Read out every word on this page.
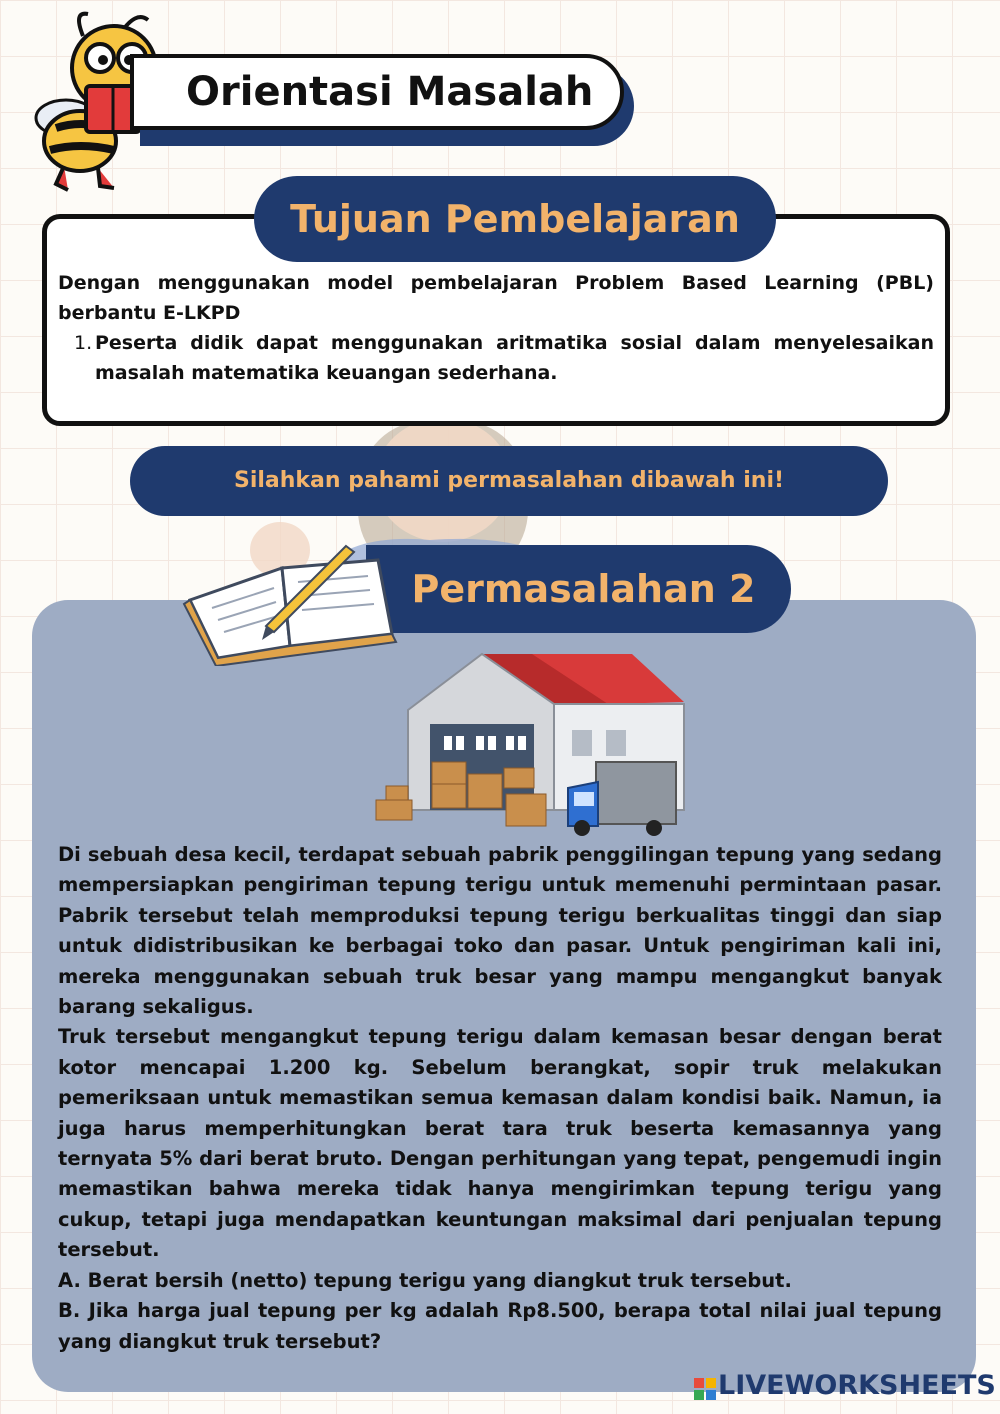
Orientasi Masalah
Tujuan Pembelajaran
Dengan menggunakan model pembelajaran Problem Based Learning (PBL) berbantu E-LKPD
1. Peserta didik dapat menggunakan aritmatika sosial dalam menyelesaikan masalah matematika keuangan sederhana.
Silahkan pahami permasalahan dibawah ini!
Permasalahan 2

Di sebuah desa kecil, terdapat sebuah pabrik penggilingan tepung yang sedang mempersiapkan pengiriman tepung terigu untuk memenuhi permintaan pasar. Pabrik tersebut telah memproduksi tepung terigu berkualitas tinggi dan siap untuk didistribusikan ke berbagai toko dan pasar. Untuk pengiriman kali ini, mereka menggunakan sebuah truk besar yang mampu mengangkut banyak barang sekaligus.

Truk tersebut mengangkut tepung terigu dalam kemasan besar dengan berat kotor mencapai 1.200 kg. Sebelum berangkat, sopir truk melakukan pemeriksaan untuk memastikan semua kemasan dalam kondisi baik. Namun, ia juga harus memperhitungkan berat tara truk beserta kemasannya yang ternyata 5% dari berat bruto. Dengan perhitungan yang tepat, pengemudi ingin memastikan bahwa mereka tidak hanya mengirimkan tepung terigu yang cukup, tetapi juga mendapatkan keuntungan maksimal dari penjualan tepung tersebut.

A. Berat bersih (netto) tepung terigu yang diangkut truk tersebut.

B. Jika harga jual tepung per kg adalah Rp8.500, berapa total nilai jual tepung yang diangkut truk tersebut?

LIVEWORKSHEETS
